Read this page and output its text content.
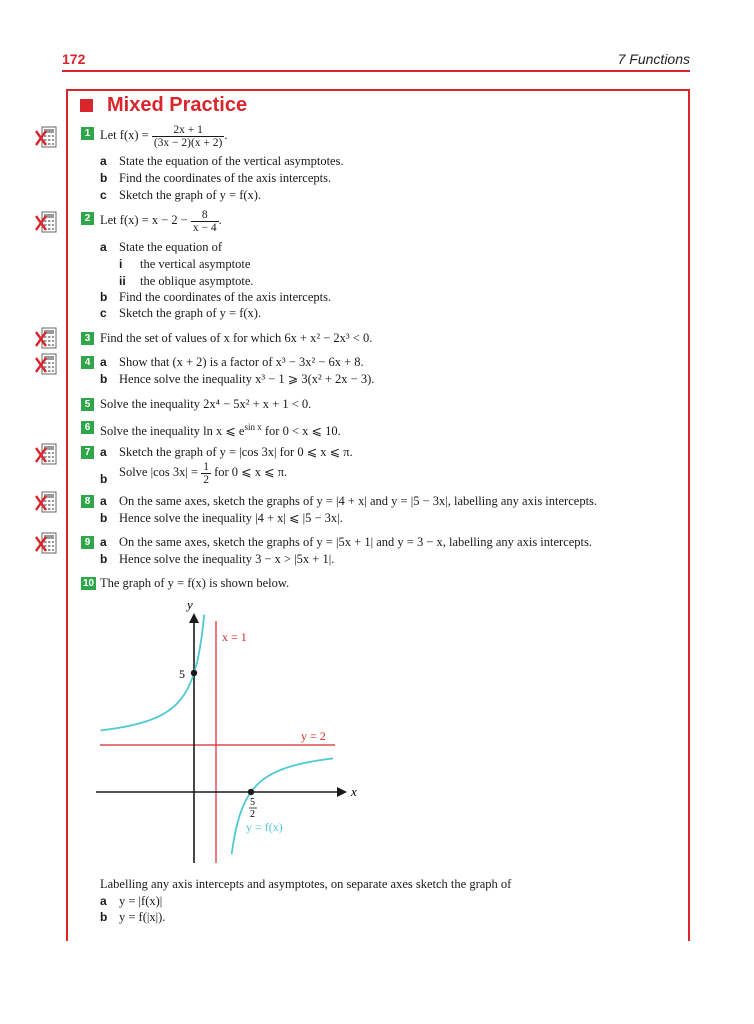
172	7 Functions
Mixed Practice
1 Let $f(x) = \frac{2x + 1}{(3x - 2)(x + 2)}$ .
a State the equation of the vertical asymptotes.
b Find the coordinates of the axis intercepts.
c Sketch the graph of y = f(x).
2 Let $f(x) = x - 2 - \frac{8}{x - 4}$ .
a State the equation of
i the vertical asymptote
ii the oblique asymptote.
b Find the coordinates of the axis intercepts.
c Sketch the graph of y = f(x).
3 Find the set of values of x for which 6x + x² − 2x³ < 0.
4 a Show that (x + 2) is a factor of x³ − 3x² − 6x + 8.
b Hence solve the inequality x³ − 1 ⩾ 3(x² + 2x − 3).
5 Solve the inequality 2x⁴ − 5x² + x + 1 < 0.
6 Solve the inequality ln x ⩽ $e^{sin x}$ for 0 < x ⩽ 10.
7 a Sketch the graph of y = |cos 3x| for 0 ⩽ x ⩽ π.
b Solve |cos $3x| = \frac{1}{2}$ for 0 ⩽ x ⩽ π.
8 a On the same axes, sketch the graphs of y = |4 + x| and y = |5 − 3x|, labelling any axis intercepts.
b Hence solve the inequality |4 + x| ⩽ |5 − 3x|.
9 a On the same axes, sketch the graphs of y = |5x + 1| and y = 3 − x, labelling any axis intercepts.
b Hence solve the inequality 3 − x > |5x + 1|.
10 The graph of y = f(x) is shown below.
y
x
5
5
2
x = 1
y = 2
y = f(x)
Labelling any axis intercepts and asymptotes, on separate axes sketch the graph of
a y = |f(x)|
b y = f(|x|).
